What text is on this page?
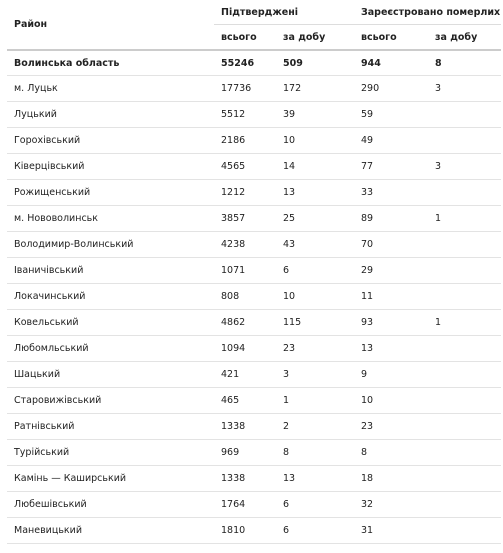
Район	Підтверджені		Зареєстровано померлих	
	всього	за добу	всього	за добу
Волинська область	55246	509	944	8
м. Луцьк	17736	172	290	3
Луцький	5512	39	59	
Горохівський	2186	10	49	
Ківерцівський	4565	14	77	3
Рожищенський	1212	13	33	
м. Нововолинськ	3857	25	89	1
Володимир-Волинський	4238	43	70	
Іваничівський	1071	6	29	
Локачинський	808	10	11	
Ковельський	4862	115	93	1
Любомльський	1094	23	13	
Шацький	421	3	9	
Старовижівський	465	1	10	
Ратнівський	1338	2	23	
Турійський	969	8	8	
Камінь — Каширський	1338	13	18	
Любешівський	1764	6	32	
Маневицький	1810	6	31	
